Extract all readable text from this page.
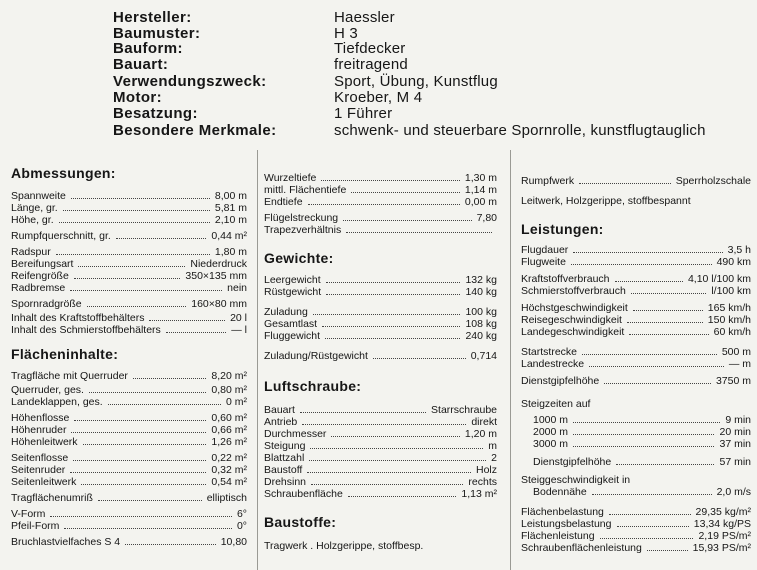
Hersteller:	Haessler
Baumuster:	H 3
Bauform:	Tiefdecker
Bauart:	freitragend
Verwendungszweck:	Sport, Übung, Kunstflug
Motor:	Kroeber, M 4
Besatzung:	1 Führer
Besondere Merkmale:	schwenk- und steuerbare Spornrolle, kunstflugtauglich
Abmessungen:
Spannweite	8,00 m
Länge, gr.	5,81 m
Höhe, gr.	2,10 m
Rumpfquerschnitt, gr.	0,44 m²
Radspur	1,80 m
Bereifungsart	Niederdruck
Reifengröße	350×135 mm
Radbremse	nein
Spornradgröße	160×80 mm
Inhalt des Kraftstoffbehälters	20 l
Inhalt des Schmierstoffbehälters	— l
Flächeninhalte:
Tragfläche mit Querruder	8,20 m²
Querruder, ges.	0,80 m²
Landeklappen, ges.	0 m²
Höhenflosse	0,60 m²
Höhenruder	0,66 m²
Höhenleitwerk	1,26 m²
Seitenflosse	0,22 m²
Seitenruder	0,32 m²
Seitenleitwerk	0,54 m²
Tragflächenumriß	elliptisch
V-Form	6°
Pfeil-Form	0°
Bruchlastvielfaches S 4	10,80
Wurzeltiefe	1,30 m
mittl. Flächentiefe	1,14 m
Endtiefe	0,00 m
Flügelstreckung	7,80
Trapezverhältnis
Gewichte:
Leergewicht	132 kg
Rüstgewicht	140 kg
Zuladung	100 kg
Gesamtlast	108 kg
Fluggewicht	240 kg
Zuladung/Rüstgewicht	0,714
Luftschraube:
Bauart	Starrschraube
Antrieb	direkt
Durchmesser	1,20 m
Steigung	m
Blattzahl	2
Baustoff	Holz
Drehsinn	rechts
Schraubenfläche	1,13 m²
Baustoffe:
Tragwerk . Holzgerippe, stoffbesp.
Rumpfwerk	Sperrholzschale
Leitwerk, Holzgerippe, stoffbespannt
Leistungen:
Flugdauer	3,5 h
Flugweite	490 km
Kraftstoffverbrauch	4,10 l/100 km
Schmierstoffverbrauch	l/100 km
Höchstgeschwindigkeit	165 km/h
Reisegeschwindigkeit	150 km/h
Landegeschwindigkeit	60 km/h
Startstrecke	500 m
Landestrecke	— m
Dienstgipfelhöhe	3750 m
Steigzeiten auf
1000 m	9 min
2000 m	20 min
3000 m	37 min
Dienstgipfelhöhe	57 min
Steiggeschwindigkeit in
Bodennähe	2,0 m/s
Flächenbelastung	29,35 kg/m²
Leistungsbelastung	13,34 kg/PS
Flächenleistung	2,19 PS/m²
Schraubenflächenleistung	15,93 PS/m²
